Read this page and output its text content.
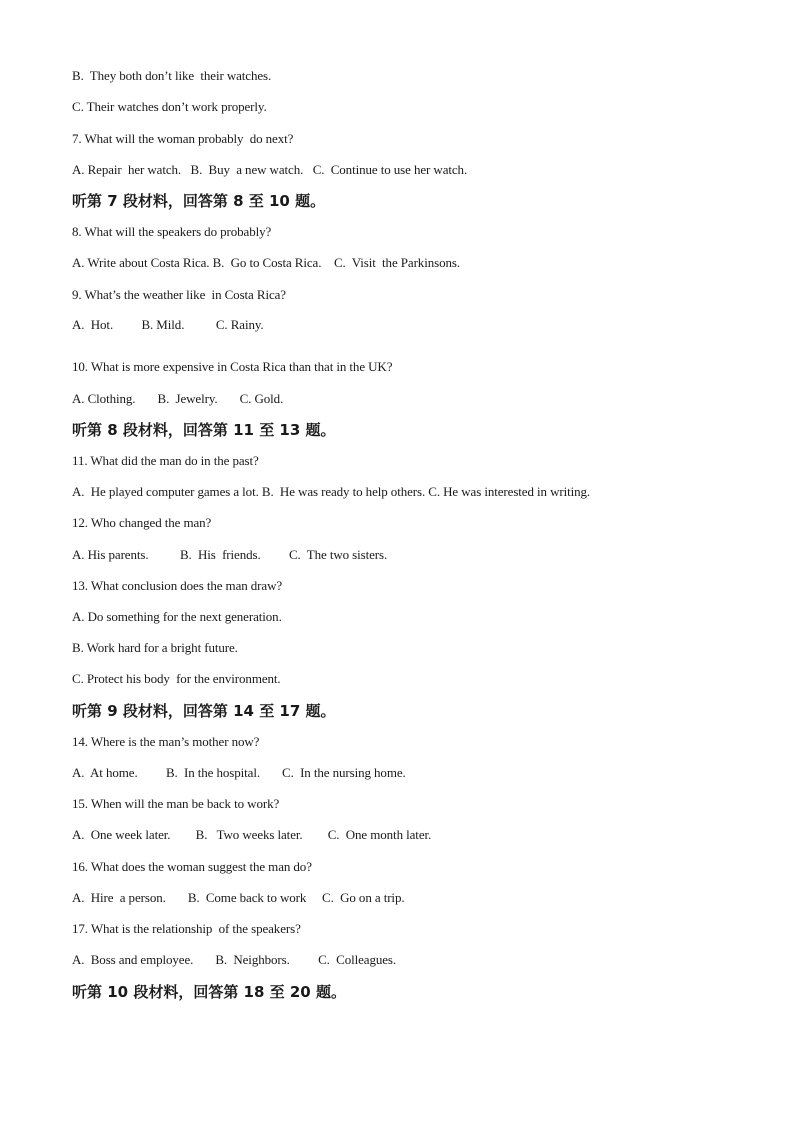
B.  They both don’t like  their watches.
C. Their watches don’t work properly.
7. What will the woman probably  do next?
A. Repair  her watch.   B.  Buy  a new watch.   C.  Continue to use her watch.
听第 7 段材料，回答第 8 至 10 题。
8. What will the speakers do probably?
A. Write about Costa Rica. B.  Go to Costa Rica.    C.  Visit  the Parkinsons.
9. What’s the weather like  in Costa Rica?
A.  Hot.         B. Mild.          C. Rainy.
10. What is more expensive in Costa Rica than that in the UK?
A. Clothing.       B.  Jewelry.       C. Gold.
听第 8 段材料，回答第 11 至 13 题。
11. What did the man do in the past?
A.  He played computer games a lot. B.  He was ready to help others. C. He was interested in writing.
12. Who changed the man?
A. His parents.          B.  His  friends.         C.  The two sisters.
13. What conclusion does the man draw?
A. Do something for the next generation.
B. Work hard for a bright future.
C. Protect his body  for the environment.
听第 9 段材料，回答第 14 至 17 题。
14. Where is the man’s mother now?
A.  At home.         B.  In the hospital.       C.  In the nursing home.
15. When will the man be back to work?
A.  One week later.        B.   Two weeks later.        C.  One month later.
16. What does the woman suggest the man do?
A.  Hire  a person.       B.  Come back to work     C.  Go on a trip.
17. What is the relationship  of the speakers?
A.  Boss and employee.       B.  Neighbors.         C.  Colleagues.
听第 10 段材料，回答第 18 至 20 题。
